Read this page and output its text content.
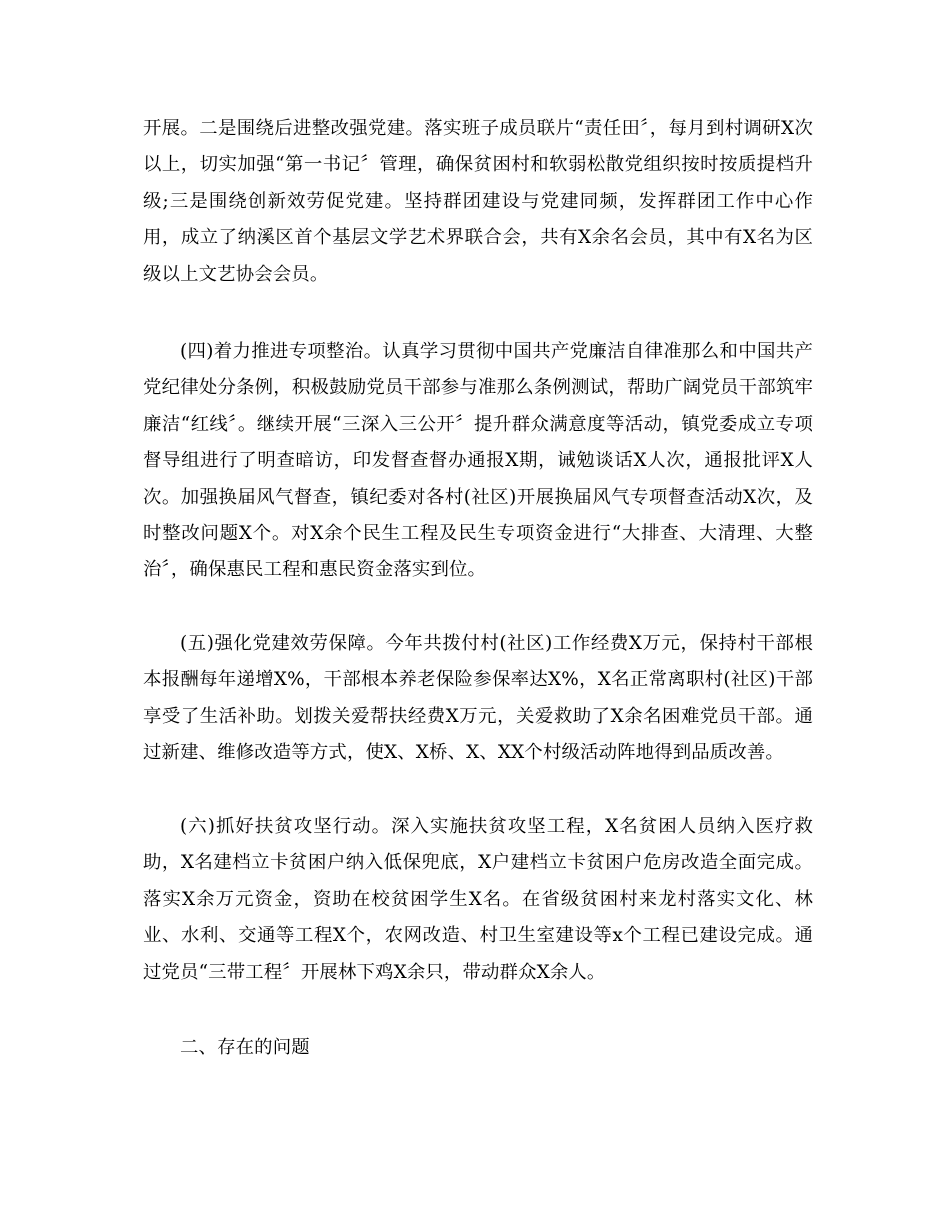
开展。二是围绕后进整改强党建。落实班子成员联片“责任田〞，每月到村调研X次以上，切实加强“第一书记〞管理，确保贫困村和软弱松散党组织按时按质提档升级;三是围绕创新效劳促党建。坚持群团建设与党建同频，发挥群团工作中心作用，成立了纳溪区首个基层文学艺术界联合会，共有X余名会员，其中有X名为区级以上文艺协会会员。

(四)着力推进专项整治。认真学习贯彻中国共产党廉洁自律准那么和中国共产党纪律处分条例，积极鼓励党员干部参与准那么条例测试，帮助广阔党员干部筑牢廉洁“红线〞。继续开展“三深入三公开〞提升群众满意度等活动，镇党委成立专项督导组进行了明查暗访，印发督查督办通报X期，诫勉谈话X人次，通报批评X人次。加强换届风气督查，镇纪委对各村(社区)开展换届风气专项督查活动X次，及时整改问题X个。对X余个民生工程及民生专项资金进行“大排查、大清理、大整治〞，确保惠民工程和惠民资金落实到位。

(五)强化党建效劳保障。今年共拨付村(社区)工作经费X万元，保持村干部根本报酬每年递增X%，干部根本养老保险参保率达X%，X名正常离职村(社区)干部享受了生活补助。划拨关爱帮扶经费X万元，关爱救助了X余名困难党员干部。通过新建、维修改造等方式，使X、X桥、X、XX个村级活动阵地得到品质改善。

(六)抓好扶贫攻坚行动。深入实施扶贫攻坚工程，X名贫困人员纳入医疗救助，X名建档立卡贫困户纳入低保兜底，X户建档立卡贫困户危房改造全面完成。落实X余万元资金，资助在校贫困学生X名。在省级贫困村来龙村落实文化、林业、水利、交通等工程X个，农网改造、村卫生室建设等x个工程已建设完成。通过党员“三带工程〞开展林下鸡X余只，带动群众X余人。

二、存在的问题
